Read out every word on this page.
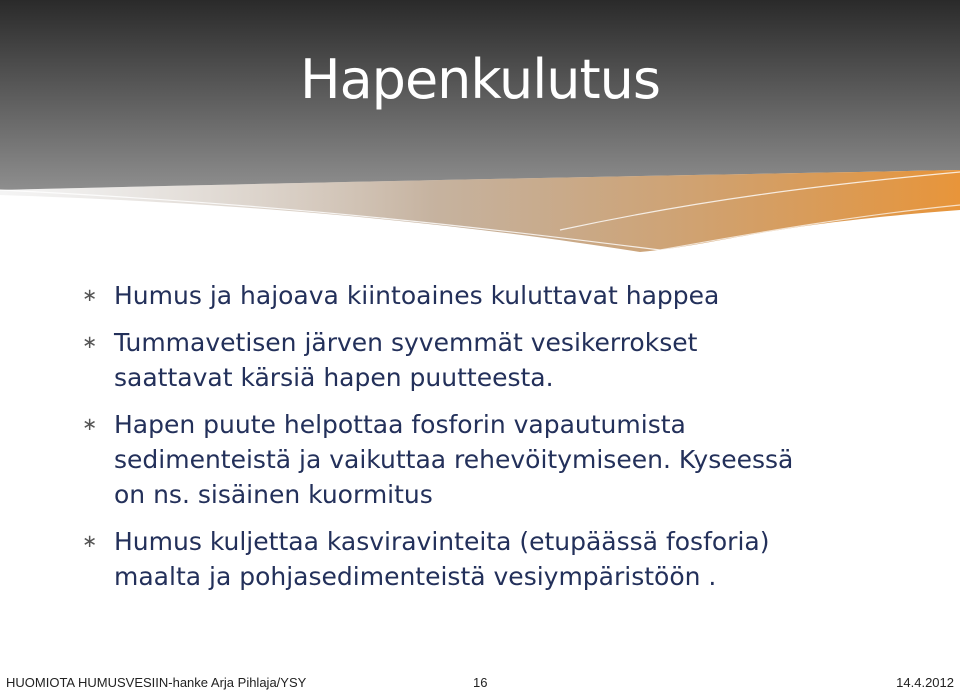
Hapenkulutus
∗ Humus ja hajoava kiintoaines kuluttavat happea
∗ Tummavetisen järven syvemmät vesikerrokset
saattavat kärsiä hapen puutteesta.
∗ Hapen puute helpottaa fosforin vapautumista
sedimenteistä ja vaikuttaa rehevöitymiseen. Kyseessä
on ns. sisäinen kuormitus
∗ Humus kuljettaa kasviravinteita (etupäässä fosforia)
maalta ja pohjasedimenteistä vesiympäristöön .
HUOMIOTA HUMUSVESIIN-hanke Arja Pihlaja/YSY	16	14.4.2012
